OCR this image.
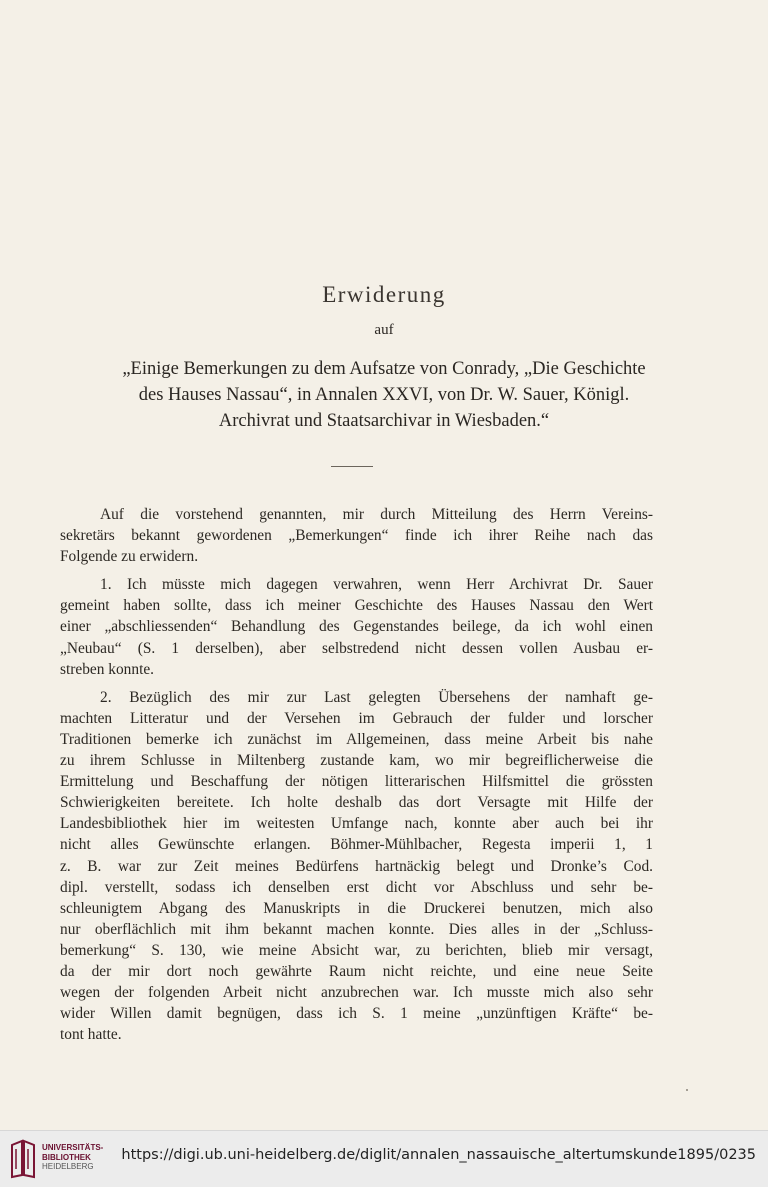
Erwiderung
auf
„Einige Bemerkungen zu dem Aufsatze von Conrady, „Die Geschichte
des Hauses Nassau“, in Annalen XXVI, von Dr. W. Sauer, Königl.
Archivrat und Staatsarchivar in Wiesbaden.“
Auf die vorstehend genannten, mir durch Mitteilung des Herrn Vereins-
sekretärs bekannt gewordenen „Bemerkungen“ finde ich ihrer Reihe nach das
Folgende zu erwidern.
1. Ich müsste mich dagegen verwahren, wenn Herr Archivrat Dr. Sauer
gemeint haben sollte, dass ich meiner Geschichte des Hauses Nassau den Wert
einer „abschliessenden“ Behandlung des Gegenstandes beilege, da ich wohl einen
„Neubau“ (S. 1 derselben), aber selbstredend nicht dessen vollen Ausbau er-
streben konnte.
2. Bezüglich des mir zur Last gelegten Übersehens der namhaft ge-
machten Litteratur und der Versehen im Gebrauch der fulder und lorscher
Traditionen bemerke ich zunächst im Allgemeinen, dass meine Arbeit bis nahe
zu ihrem Schlusse in Miltenberg zustande kam, wo mir begreiflicherweise die
Ermittelung und Beschaffung der nötigen litterarischen Hilfsmittel die grössten
Schwierigkeiten bereitete. Ich holte deshalb das dort Versagte mit Hilfe der
Landesbibliothek hier im weitesten Umfange nach, konnte aber auch bei ihr
nicht alles Gewünschte erlangen. Böhmer-Mühlbacher, Regesta imperii 1, 1
z. B. war zur Zeit meines Bedürfens hartnäckig belegt und Dronke’s Cod.
dipl. verstellt, sodass ich denselben erst dicht vor Abschluss und sehr be-
schleunigtem Abgang des Manuskripts in die Druckerei benutzen, mich also
nur oberflächlich mit ihm bekannt machen konnte. Dies alles in der „Schluss-
bemerkung“ S. 130, wie meine Absicht war, zu berichten, blieb mir versagt,
da der mir dort noch gewährte Raum nicht reichte, und eine neue Seite
wegen der folgenden Arbeit nicht anzubrechen war. Ich musste mich also sehr
wider Willen damit begnügen, dass ich S. 1 meine „unzünftigen Kräfte“ be-
tont hatte.
UNIVERSITÄTS-
BIBLIOTHEK
HEIDELBERG
https://digi.ub.uni-heidelberg.de/diglit/annalen_nassauische_altertumskunde1895/0235
